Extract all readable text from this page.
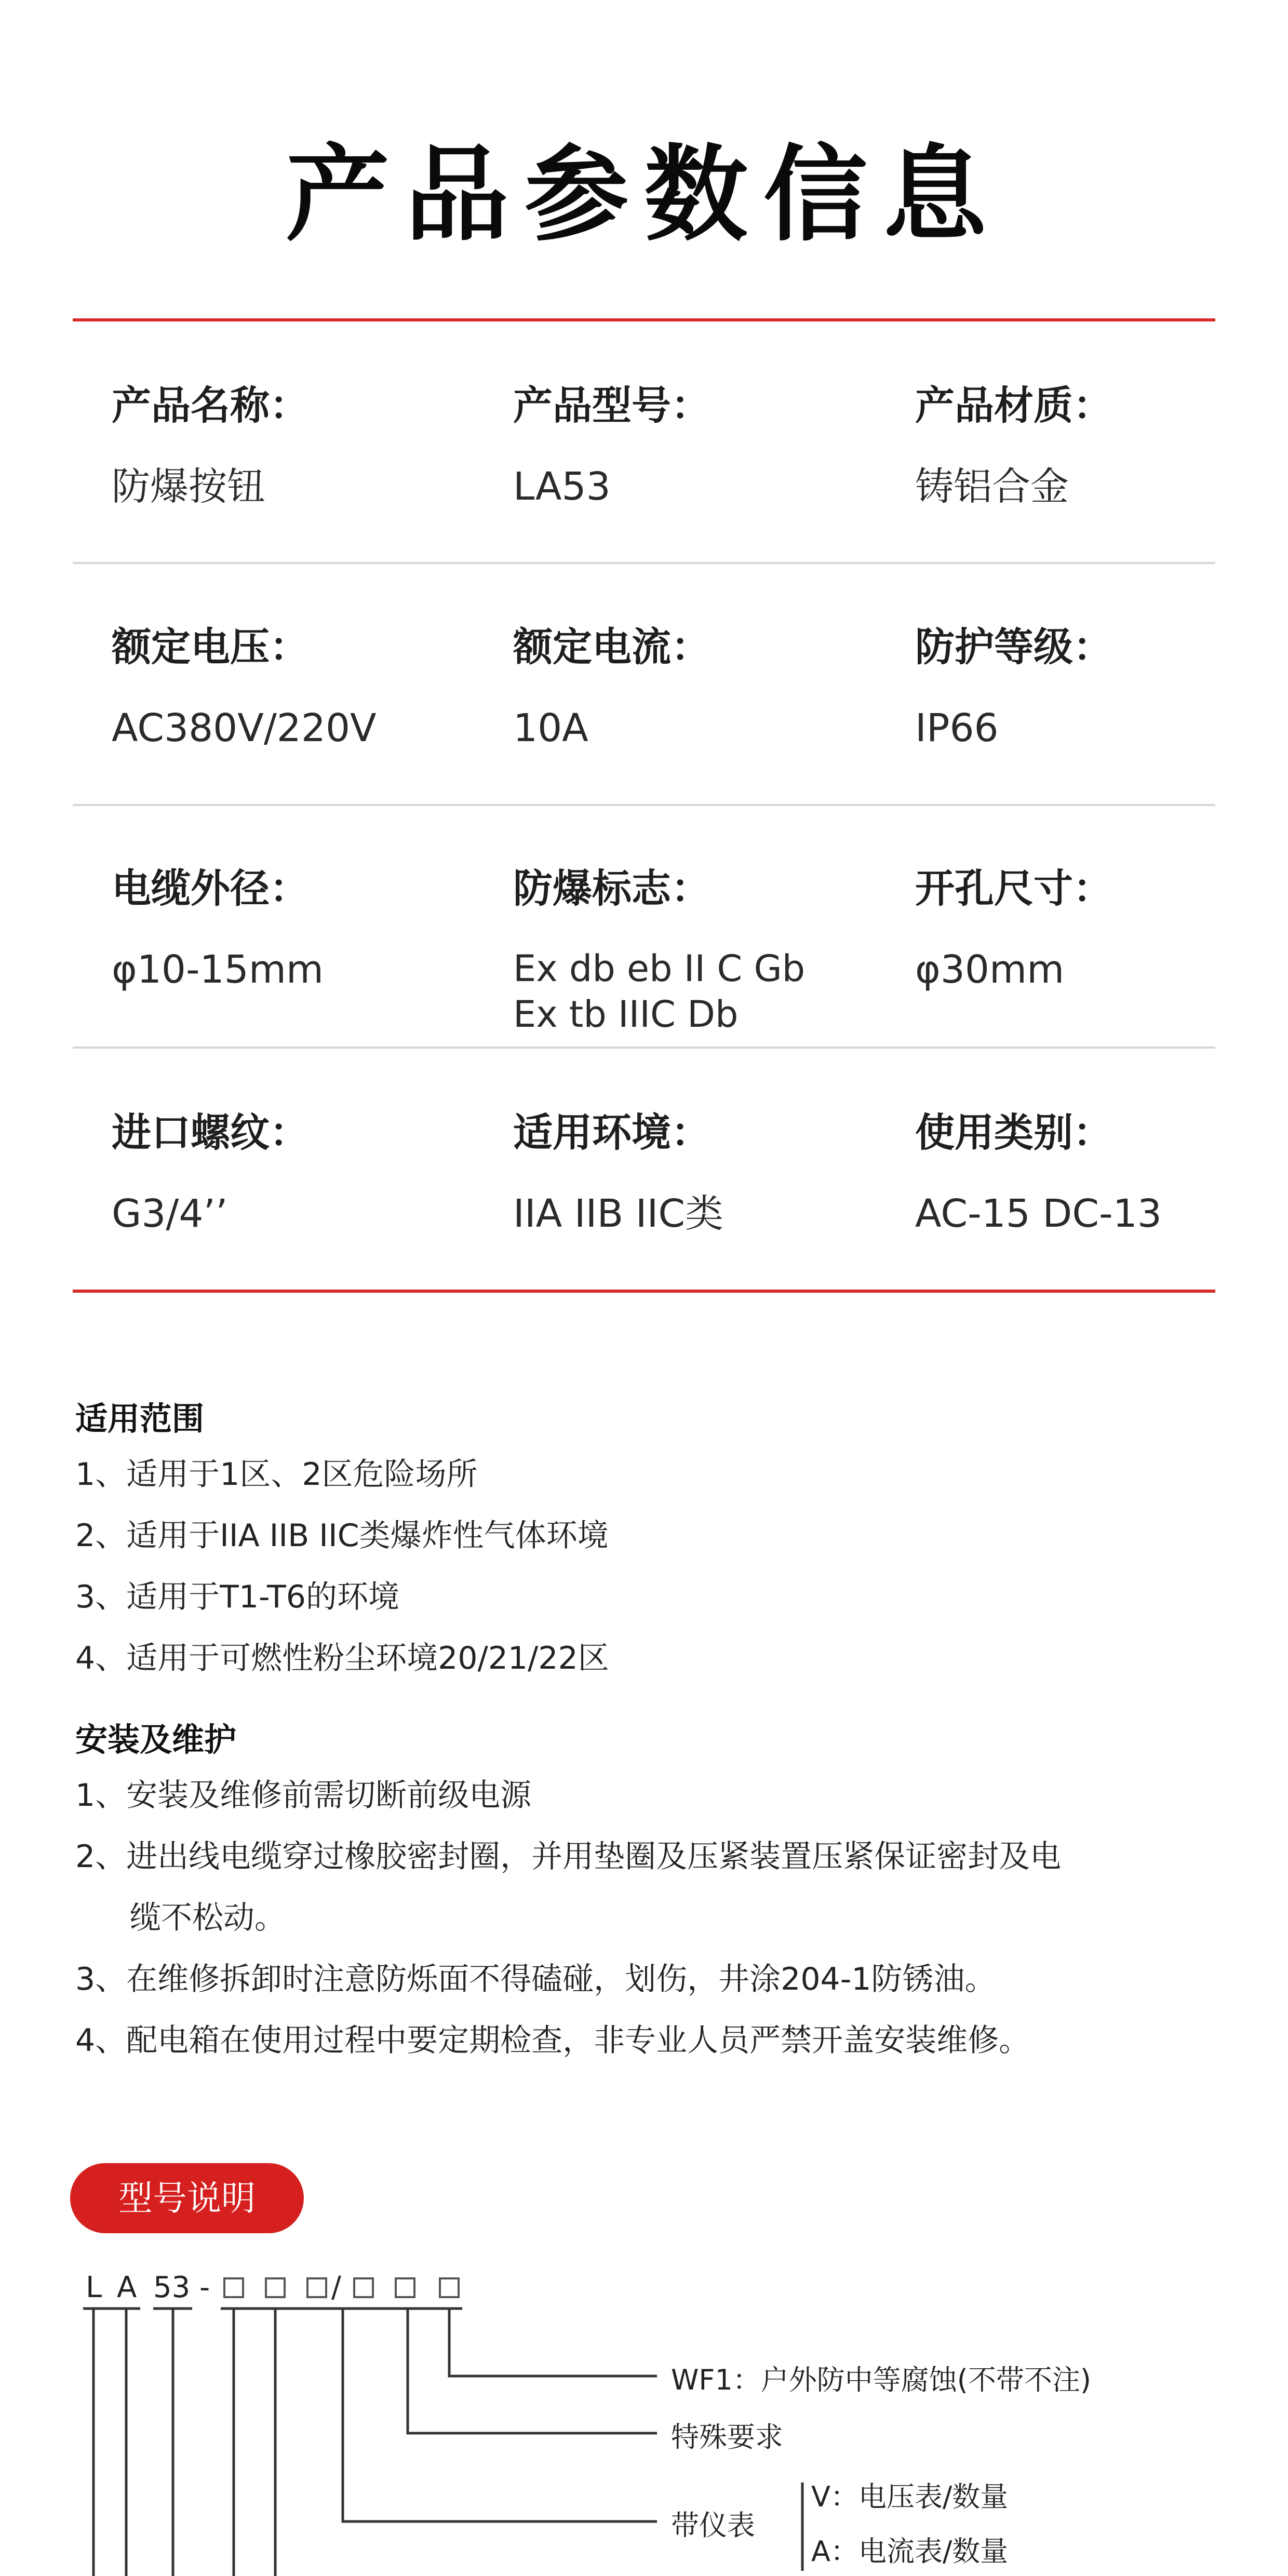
产品参数信息
产品名称：
防爆按钮
产品型号：
LA53
产品材质：
铸铝合金
额定电压：
AC380V/220V
额定电流：
10A
防护等级：
IP66
电缆外径：
φ10-15mm
防爆标志：
Ex db eb II C Gb
Ex tb IIIC Db
开孔尺寸：
φ30mm
进口螺纹：
G3/4’’
适用环境：
IIA IIB IIC类
使用类别：
AC-15 DC-13
适用范围
1、适用于1区、2区危险场所
2、适用于IIA IIB IIC类爆炸性气体环境
3、适用于T1-T6的环境
4、适用于可燃性粉尘环境20/21/22区
安装及维护
1、安装及维修前需切断前级电源
2、进出线电缆穿过橡胶密封圈，并用垫圈及压紧装置压紧保证密封及电
缆不松动。
3、在维修拆卸时注意防烁面不得磕碰，划伤，井涂204-1防锈油。
4、配电箱在使用过程中要定期检查，非专业人员严禁开盖安装维修。
型号说明
L A 53 -	/
WF1：户外防中等腐蚀(不带不注)
特殊要求
带仪表
V：电压表/数量
A：电流表/数量
